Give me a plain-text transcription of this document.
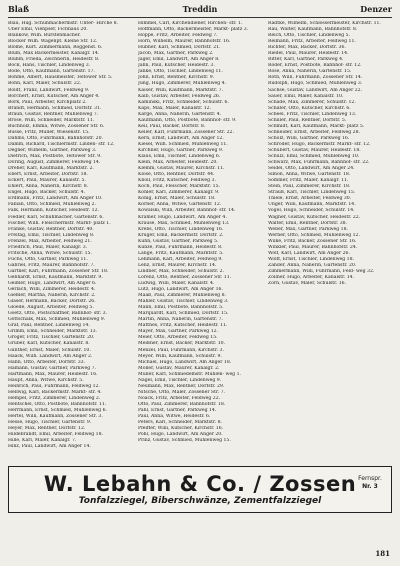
Blaß	Treddin	Denzer
Blau, Hug. Schuhmachermstr. Unter- Hirche 8.
Über Emil, Viehpser, Fichhaus 20.
Blankow, Wilh. Bürstenmacher.
Blöcker Wilh. Wagenpt. Kleine Str. 12.
Blome, Kurt. Zimmermann, Roggenst. 6.
Blüm, Max Bäckermeister, Kanalgr. 14.
Bluhm, Frieda, Zeichnerin, Heidestr. 8.
Bock, Hans, Tischler, Lindenweg 3.
Bode, Otto, Kaufmann, Gartenstr. 17.
Böhme, Albert, Hausmeister, Teltower Str. 5.
Bohn, Karl, Maler, Schulstr. 22.
Boldt, Franz, Landwirt, Feldweg 9.
Borchert, Ernst, Kutscher, Am Anger 4.
Bork, Paul, Arbeiter, Kirchplatz 2.
Brandt, Hermann, Schmied, Dorfstr. 31.
Braun, Gustav, Rentner, Mühlenweg 7.
Brose, Willi, Schneider, Marktstr. 11.
Buchholz, Emma, Witwe, Zossener Str. 6.
Busse, Fritz, Müller, Wiesenstr. 15.
Dahms, Otto, Fuhrmann, Bahnhofstr. 20.
Damm, Richard, Tischlermstr. Linden- str. 12.
Degner, Wilhelm, Gärtner, Parkweg 3.
Dietrich, Max, Postbote, Teltower Str. 9.
Döring, August, Zimmerer, Feldweg 14.
Dreher, Karl, Kaufmann, Marktstr. 2.
Ebert, Ernst, Arbeiter, Dorfstr. 18.
Eckert, Paul, Maurer, Kanalstr. 5.
Ehlert, Anna, Näherin, Kirchstr. 8.
Engel, Hugo, Bäcker, Schulstr. 4.
Erdmann, Fritz, Landwirt, Am Anger 10.
Fabian, Otto, Schmied, Mühlenweg 2.
Falk, Hermann, Kutscher, Heidestr. 12.
Fiedler, Karl, Schuhmacher, Gartenstr. 6.
Fischer, Wilh. Fleischermstr. Markt- platz 1.
Franke, Gustav, Rentner, Dorfstr. 40.
Freitag, Emil, Tischler, Lindenweg 8.
Frenzel, Max, Arbeiter, Feldweg 21.
Friedrich, Paul, Maler, Kanalgr. 3.
Fritsche, Anna, Witwe, Schulstr. 15.
Fuchs, Otto, Gärtner, Parkweg 11.
Gabriel, Fritz, Maurer, Bahnhofstr. 7.
Gärtner, Karl, Fuhrmann, Zossener Str. 18.
Gebhardt, Ernst, Kaufmann, Marktstr. 9.
Geißler, Hugo, Landwirt, Am Anger 6.
Gerlach, Willi, Zimmerer, Heidestr. 4.
Gießler, Martha, Näherin, Kirchstr. 2.
Glaser, Hermann, Bäcker, Dorfstr. 26.
Gloede, August, Arbeiter, Feldweg 5.
Goetz, Otto, Postschaffner, Bahnhof- str. 3.
Gottschalk, Max, Schmied, Mühlenweg 9.
Graf, Paul, Rentner, Lindenweg 14.
Grimm, Emil, Schneider, Marktstr. 13.
Gröger, Fritz, Tischler, Gartenstr. 20.
Gruber, Karl, Kutscher, Kanalstr. 8.
Günther, Ernst, Maler, Schulstr. 10.
Haack, Wilh. Landwirt, Am Anger 2.
Hahn, Otto, Arbeiter, Dorfstr. 33.
Hamann, Gustav, Gärtner, Parkweg 7.
Hartmann, Max, Maurer, Heidestr. 16.
Haupt, Anna, Witwe, Kirchstr. 5.
Heinrich, Paul, Fuhrmann, Feldweg 12.
Hellwig, Karl, Bäckermstr. Markt- str. 4.
Hempel, Fritz, Zimmerer, Lindenweg 2.
Hentschel, Otto, Postbote, Bahnhofstr. 11.
Herrmann, Ernst, Schmied, Mühlenweg 6.
Hertel, Willi, Kaufmann, Zossener Str. 3.
Hesse, Hugo, Tischler, Gartenstr. 9.
Heyer, Max, Rentner, Dorfstr. 12.
Hildebrandt, Emil, Arbeiter, Feldweg 18.
Hille, Karl, Maler, Kanalgr. 7.
Hinz, Paul, Landwirt, Am Anger 14.
Himmel, Carl, Kirchendiener, Rirchen- str. 1.
Hoffmann, Otto, Bäckermeister, Markt- platz 3.
Hoppe, Fritz, Arbeiter, Feldweg 7.
Horn, Wilhelm, Maurer, Bahnhofstr. 16.
Hübner, Karl, Schmied, Dorfstr. 21.
Jacob, Max, Gärtner, Parkweg 2.
Jäger, Emil, Landwirt, Am Anger 8.
Jahn, Paul, Kutscher, Heidestr. 3.
Janke, Otto, Tischler, Lindenweg 11.
John, Ernst, Rentner, Kirchstr. 9.
Jung, Hugo, Zimmerer, Mühlenweg 4.
Kaiser, Willi, Kaufmann, Marktstr. 7.
Kalb, Gustav, Arbeiter, Feldweg 26.
Kaminski, Fritz, Schneider, Schulstr. 6.
Kaps, Max, Maler, Kanalstr. 12.
Karge, Anna, Näherin, Gartenstr. 4.
Kaufmann, Otto, Postbote, Bahnhof- str. 9.
Keil, Paul, Bäcker, Dorfstr. 8.
Keller, Karl, Fuhrmann, Zossener Str. 22.
Kern, Ernst, Landwirt, Am Anger 12.
Kiesel, Wilh. Schmied, Mühlenweg 11.
Kirchner, Hugo, Gärtner, Parkweg 9.
Klaus, Emil, Tischler, Lindenweg 6.
Klein, Max, Arbeiter, Heidestr. 20.
Klemm, Gustav, Maurer, Kirchstr. 11.
Klose, Otto, Rentner, Dorfstr. 44.
Knoll, Fritz, Kutscher, Feldweg 3.
Koch, Paul, Fleischer, Marktstr. 15.
Köhler, Karl, Zimmerer, Kanalgr. 9.
König, Ernst, Maler, Schulstr. 18.
Körner, Anna, Witwe, Gartenstr. 12.
Kowalski, Willi, Arbeiter, Bahnhof- str. 14.
Kramer, Hugo, Landwirt, Am Anger 4.
Krause, Max, Schmied, Mühlenweg 13.
Krebs, Otto, Tischler, Lindenweg 16.
Krüger, Emil, Bäckermstr. Dorfstr. 2.
Kuhn, Gustav, Gärtner, Parkweg 5.
Kunze, Paul, Fuhrmann, Heidestr. 8.
Lange, Fritz, Kaufmann, Marktstr. 5.
Lehmann, Karl, Arbeiter, Feldweg 9.
Lenz, Ernst, Maurer, Kirchstr. 14.
Lindner, Max, Schneider, Schulstr. 2.
Lorenz, Otto, Rentner, Zossener Str. 11.
Ludwig, Willi, Maler, Kanalstr. 4.
Lutz, Hugo, Landwirt, Am Anger 16.
Maaß, Paul, Zimmerer, Mühlenweg 8.
Mahler, Gustav, Tischler, Lindenweg 3.
Mann, Emil, Postbote, Bahnhofstr. 5.
Marquardt, Karl, Schmied, Dorfstr. 15.
Martin, Anna, Näherin, Gartenstr. 7.
Matthes, Fritz, Kutscher, Heidestr. 11.
Mayer, Max, Gärtner, Parkweg 12.
Meier, Otto, Arbeiter, Feldweg 15.
Meißner, Ernst, Bäcker, Marktstr. 10.
Menzel, Paul, Fuhrmann, Kirchstr. 3.
Meyer, Willi, Kaufmann, Schulstr. 9.
Michael, Hugo, Landwirt, Am Anger 18.
Möller, Gustav, Maurer, Kanalgr. 2.
Müller, Karl, Schmiedemstr. Mühlen- weg 1.
Nagel, Emil, Tischler, Lindenweg 9.
Neumann, Max, Rentner, Dorfstr. 29.
Nitsche, Otto, Maler, Zossener Str. 7.
Noack, Fritz, Arbeiter, Feldweg 22.
Otto, Paul, Zimmerer, Bahnhofstr. 18.
Pahl, Ernst, Gärtner, Parkweg 14.
Paul, Anna, Witwe, Heidestr. 6.
Peters, Karl, Schneider, Marktstr. 8.
Pfeiffer, Willi, Kutscher, Kirchstr. 16.
Pohl, Hugo, Landwirt, Am Anger 20.
Prinz, Gustav, Schmied, Mühlenweg 15.
Radtke, Wilhelm, Schlossermeister, Kirchstr. 11.
Rau, Walter, Kaufmann, Bahnhofstr. 8.
Reich, Otto, Tischler, Lindenweg 5.
Reimann, Fritz, Arbeiter, Feldweg 11.
Richter, Max, Bäcker, Dorfstr. 36.
Riedel, Paul, Maurer, Heidestr. 14.
Ritter, Karl, Gärtner, Parkweg 4.
Röder, Ernst, Postbote, Bahnhof- str. 12.
Rose, Anna, Näherin, Gartenstr. 15.
Roth, Willi, Fuhrmann, Zossener Str. 14.
Rudolph, Hugo, Schmied, Mühlenweg 3.
Sachse, Gustav, Landwirt, Am Anger 22.
Sauer, Emil, Maler, Kanalstr. 10.
Schade, Max, Zimmerer, Schulstr. 12.
Schäfer, Otto, Kutscher, Kirchstr. 6.
Scheel, Fritz, Tischler, Lindenweg 13.
Schiller, Paul, Rentner, Dorfstr. 5.
Schmidt, Karl, Kaufmann, Markt- platz 5.
Schneider, Ernst, Arbeiter, Feldweg 28.
Scholz, Willi, Gärtner, Parkweg 16.
Schröder, Hugo, Bäckermstr. Markt- str. 12.
Schubert, Gustav, Maurer, Heidestr. 18.
Schulz, Emil, Schmied, Mühlenweg 10.
Schwarz, Max, Fuhrmann, Bahnhof- str. 22.
Seidel, Otto, Landwirt, Am Anger 24.
Simon, Anna, Witwe, Gartenstr. 18.
Sommer, Fritz, Maler, Kanalgr. 11.
Stein, Paul, Zimmerer, Kirchstr. 18.
Strauß, Karl, Tischler, Lindenweg 15.
Thiele, Ernst, Arbeiter, Feldweg 30.
Unger, Willi, Kaufmann, Marktstr. 14.
Vogel, Hugo, Schneider, Schulstr. 14.
Wagner, Gustav, Kutscher, Heidestr. 22.
Walter, Emil, Rentner, Dorfstr. 38.
Weber, Max, Gärtner, Parkweg 18.
Werner, Otto, Schmied, Mühlenweg 12.
Wilke, Fritz, Bäcker, Zossener Str. 16.
Winkler, Paul, Maurer, Bahnhofstr. 24.
Wolf, Karl, Landwirt, Am Anger 26.
Wolff, Ernst, Tischler, Lindenweg 18.
Zander, Anna, Näherin, Gartenstr. 20.
Zimmermann, Willi, Fuhrmann, Feld- weg 32.
Zöllner, Hugo, Arbeiter, Kanalstr. 14.
Zorn, Gustav, Maler, Schulstr. 16.
W. Lebahn & Co. / Zossen
Tonfalzziegel, Biberschwänze, Zementfalzziegel
Fernspr.
Nr. 3
181
